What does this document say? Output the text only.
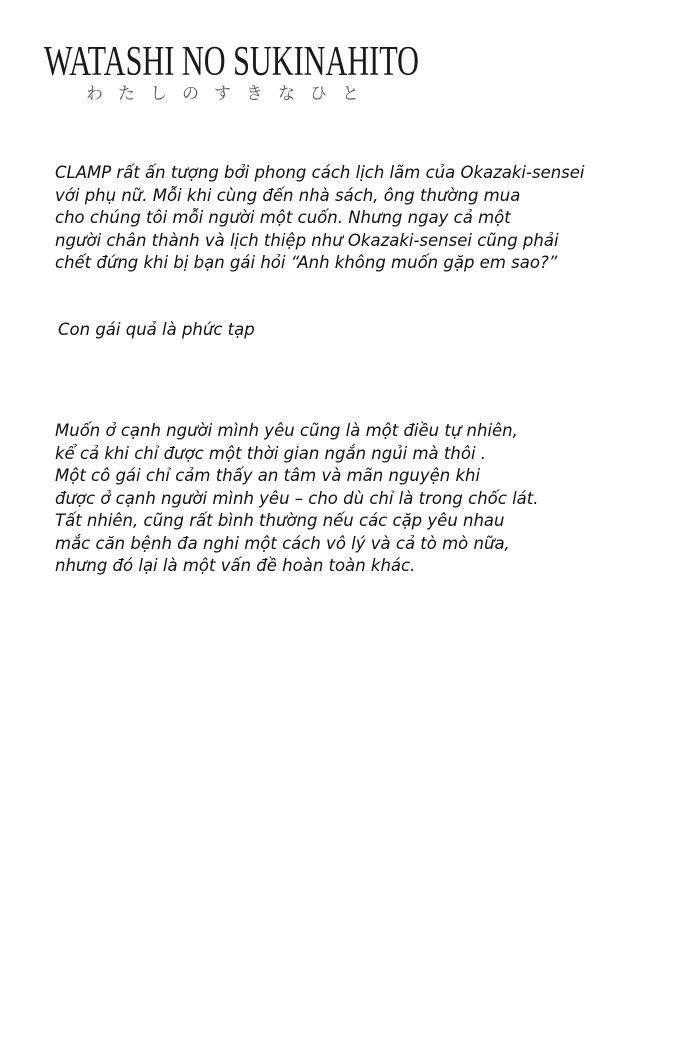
WATASHI NO SUKINAHITO
わたしのすきなひと
CLAMP rất ấn tượng bởi phong cách lịch lãm của Okazaki-sensei
với phụ nữ. Mỗi khi cùng đến nhà sách, ông thường mua
cho chúng tôi mỗi người một cuốn. Nhưng ngay cả một
người chân thành và lịch thiệp như Okazaki-sensei cũng phải
chết đứng khi bị bạn gái hỏi “Anh không muốn gặp em sao?”
Con gái quả là phức tạp
Muốn ở cạnh người mình yêu cũng là một điều tự nhiên,
kể cả khi chỉ được một thời gian ngắn ngủi mà thôi .
Một cô gái chỉ cảm thấy an tâm và mãn nguyện khi
được ở cạnh người mình yêu – cho dù chỉ là trong chốc lát.
Tất nhiên, cũng rất bình thường nếu các cặp yêu nhau
mắc căn bệnh đa nghi một cách vô lý và cả tò mò nữa,
nhưng đó lại là một vấn đề hoàn toàn khác.
